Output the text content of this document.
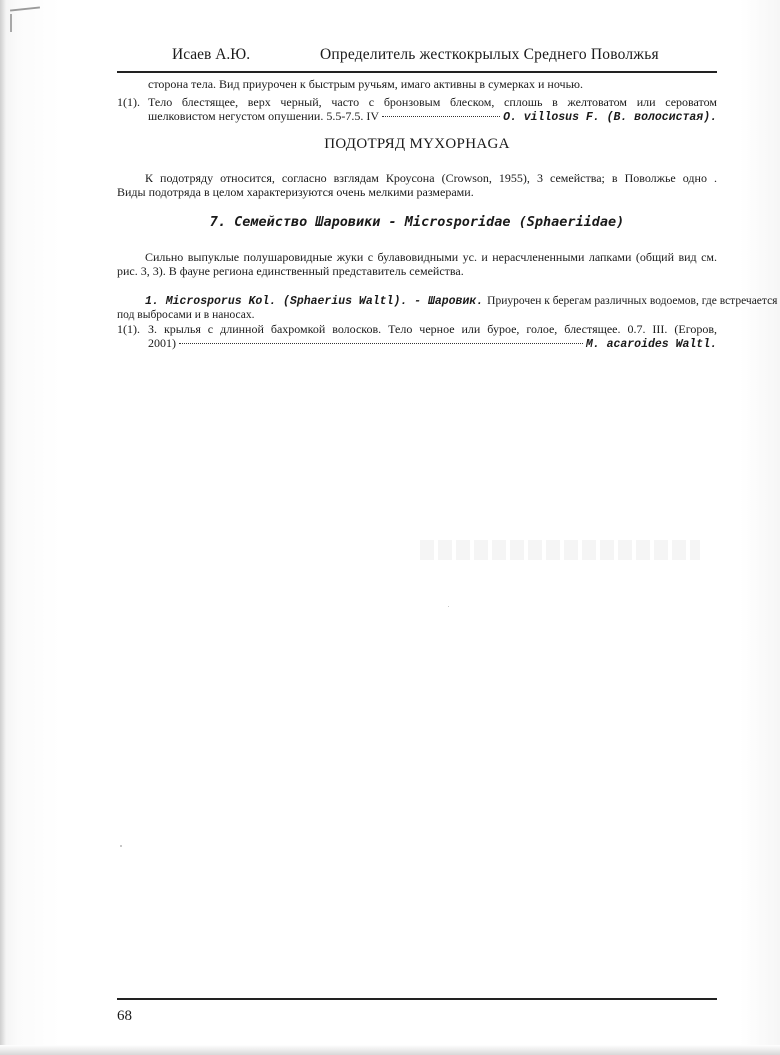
Исаев А.Ю.	Определитель жесткокрылых Среднего Поволжья
сторона тела. Вид приурочен к быстрым ручьям, имаго активны в сумерках и ночью.
1(1). Тело блестящее, верх черный, часто с бронзовым блеском, сплошь в желтоватом или сероватом
шелковистом негустом опушении. 5.5-7.5. IV	O. villosus F. (B. волосистая).
ПОДОТРЯД MYXOPHAGA
К подотряду относится, согласно взглядам Кроусона (Crowson, 1955), 3 семейства; в Поволжье одно .
Виды подотряда в целом характеризуются очень мелкими размерами.
7. Семейство Шаровики - Microsporidae (Sphaeriidae)
Сильно выпуклые полушаровидные жуки с булавовидными ус. и нерасчлененными лапками (общий вид см.
рис. 3, 3). В фауне региона единственный представитель семейства.
1. Microsporus Kol. (Sphaerius Waltl). - Шаровик. Приурочен к берегам различных водоемов, где встречается
под выбросами и в наносах.
1(1). З. крылья с длинной бахромкой волосков. Тело черное или бурое, голое, блестящее. 0.7. III. (Егоров,
2001)	M. acaroides Waltl.
68
